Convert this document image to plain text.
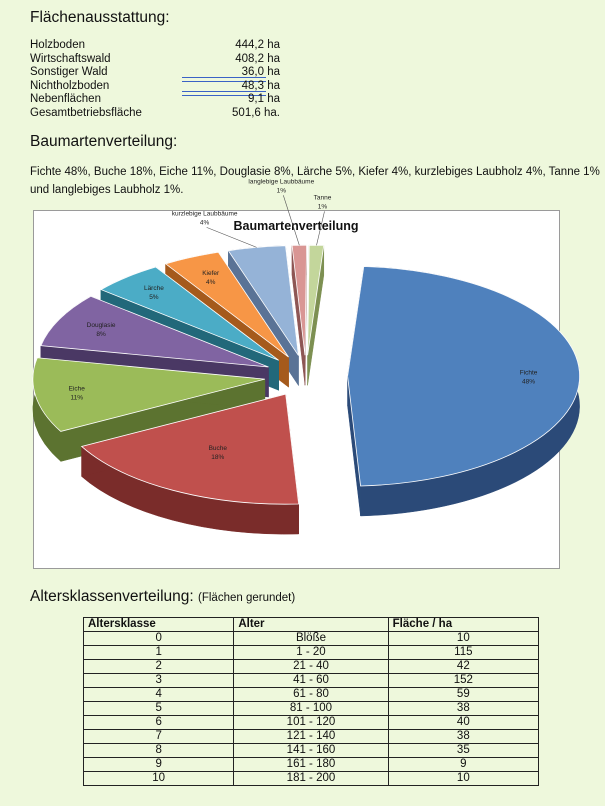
Flächenausstattung:
Holzboden	444,2 ha
Wirtschaftswald	408,2 ha
Sonstiger Wald	36,0 ha
Nichtholzboden	48,3 ha
Nebenflächen	9,1 ha
Gesamtbetriebsfläche	501,6 ha.
Baumartenverteilung:
Fichte 48%, Buche 18%, Eiche 11%, Douglasie 8%, Lärche 5%, Kiefer 4%, kurzlebiges Laubholz 4%, Tanne 1% und langlebiges Laubholz 1%.
Baumartenverteilung
Fichte
48%
Buche
18%
Eiche
11%
Douglasie
8%
Lärche
5%
Kiefer
4%
kurzlebige Laubbäume
4%
langlebige Laubbäume
1%
Tanne
1%
Altersklassenverteilung: (Flächen gerundet)
Altersklasse	Alter	Fläche / ha
0	Blöße	10
1	1 - 20	115
2	21 - 40	42
3	41 - 60	152
4	61 - 80	59
5	81 - 100	38
6	101 - 120	40
7	121 - 140	38
8	141 - 160	35
9	161 - 180	9
10	181 - 200	10
